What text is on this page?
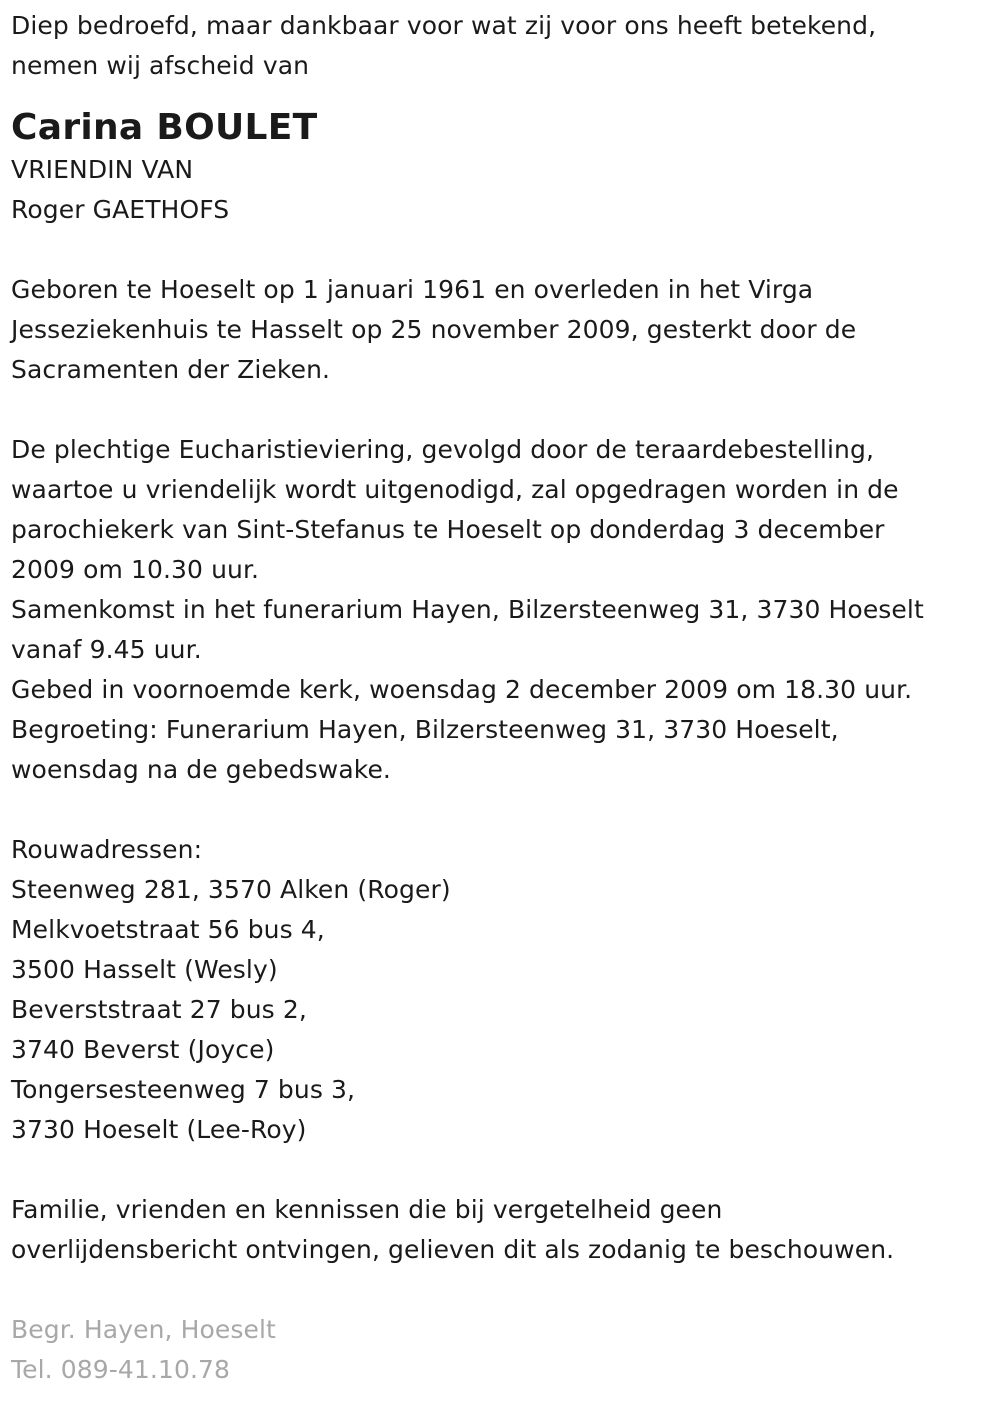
Diep bedroefd, maar dankbaar voor wat zij voor ons heeft betekend,
nemen wij afscheid van
Carina BOULET
VRIENDIN VAN
Roger GAETHOFS
Geboren te Hoeselt op 1 januari 1961 en overleden in het Virga
Jesseziekenhuis te Hasselt op 25 november 2009, gesterkt door de
Sacramenten der Zieken.
De plechtige Eucharistieviering, gevolgd door de teraardebestelling,
waartoe u vriendelijk wordt uitgenodigd, zal opgedragen worden in de
parochiekerk van Sint-Stefanus te Hoeselt op donderdag 3 december
2009 om 10.30 uur.
Samenkomst in het funerarium Hayen, Bilzersteenweg 31, 3730 Hoeselt
vanaf 9.45 uur.
Gebed in voornoemde kerk, woensdag 2 december 2009 om 18.30 uur.
Begroeting: Funerarium Hayen, Bilzersteenweg 31, 3730 Hoeselt,
woensdag na de gebedswake.
Rouwadressen:
Steenweg 281, 3570 Alken (Roger)
Melkvoetstraat 56 bus 4,
3500 Hasselt (Wesly)
Beverststraat 27 bus 2,
3740 Beverst (Joyce)
Tongersesteenweg 7 bus 3,
3730 Hoeselt (Lee-Roy)
Familie, vrienden en kennissen die bij vergetelheid geen
overlijdensbericht ontvingen, gelieven dit als zodanig te beschouwen.
Begr. Hayen, Hoeselt
Tel. 089-41.10.78
